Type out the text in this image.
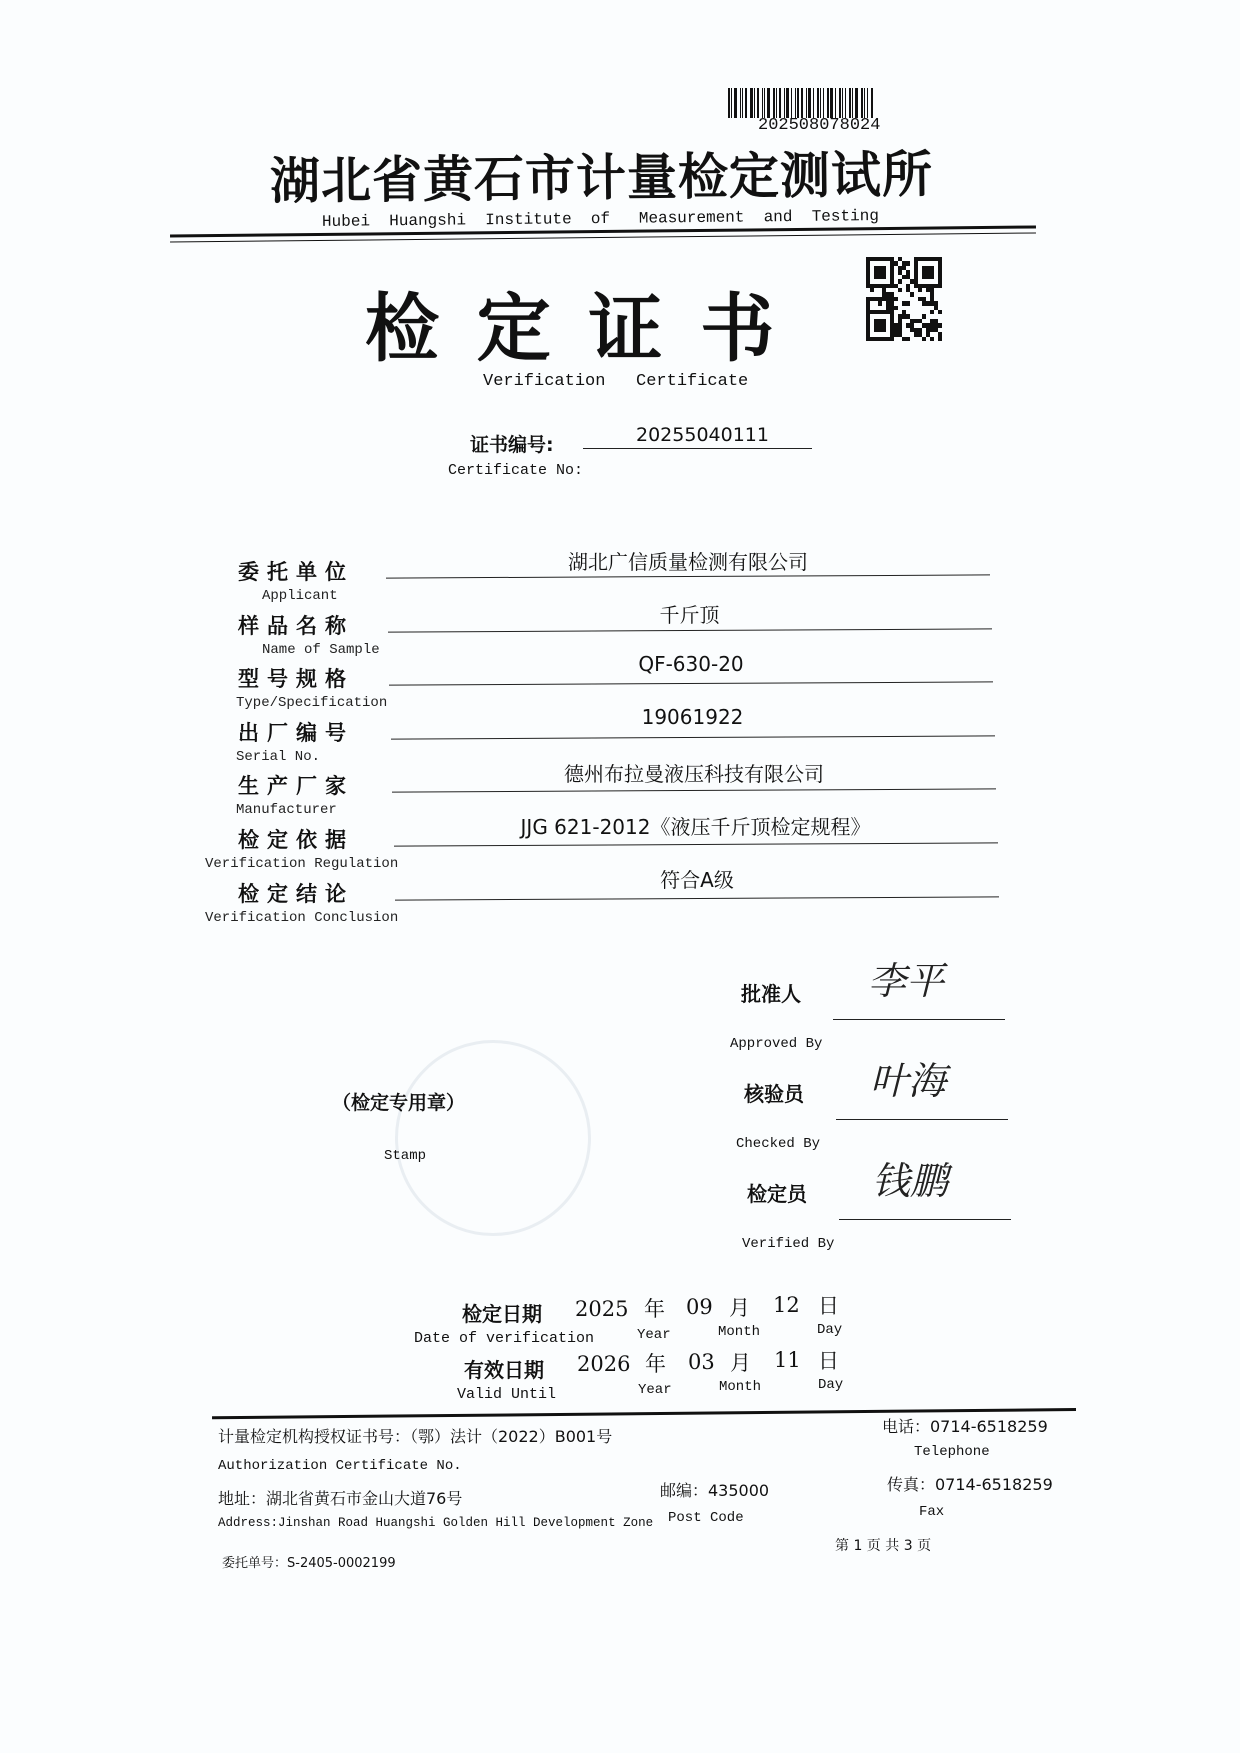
202508078024
湖北省黄石市计量检定测试所
Hubei  Huangshi  Institute  of   Measurement  and  Testing
检 定 证 书
Verification   Certificate
证书编号:	20255040111
Certificate No:
委托单位
Applicant
湖北广信质量检测有限公司
样品名称
Name of Sample
千斤顶
型号规格
Type/Specification
QF-630-20
出厂编号
Serial No.
19061922
生产厂家
Manufacturer
德州布拉曼液压科技有限公司
检定依据
Verification Regulation
JJG 621-2012《液压千斤顶检定规程》
检定结论
Verification Conclusion
符合A级
（检定专用章）
Stamp
批准人 李平
Approved By
核验员 叶海
Checked By
检定员 钱鹏
Verified By
检定日期 2025 年 09 月 12 日
Date of verification	Year	Month	Day
有效日期 2026 年 03 月 11 日
Valid Until	Year	Month	Day
计量检定机构授权证书号：（鄂）法计（2022）B001号
Authorization Certificate No.
地址：湖北省黄石市金山大道76号
Address:Jinshan Road Huangshi Golden Hill Development Zone
邮编：435000
Post Code
电话：0714-6518259
Telephone
传真：0714-6518259
Fax
第 1 页 共 3 页
委托单号：S-2405-0002199
